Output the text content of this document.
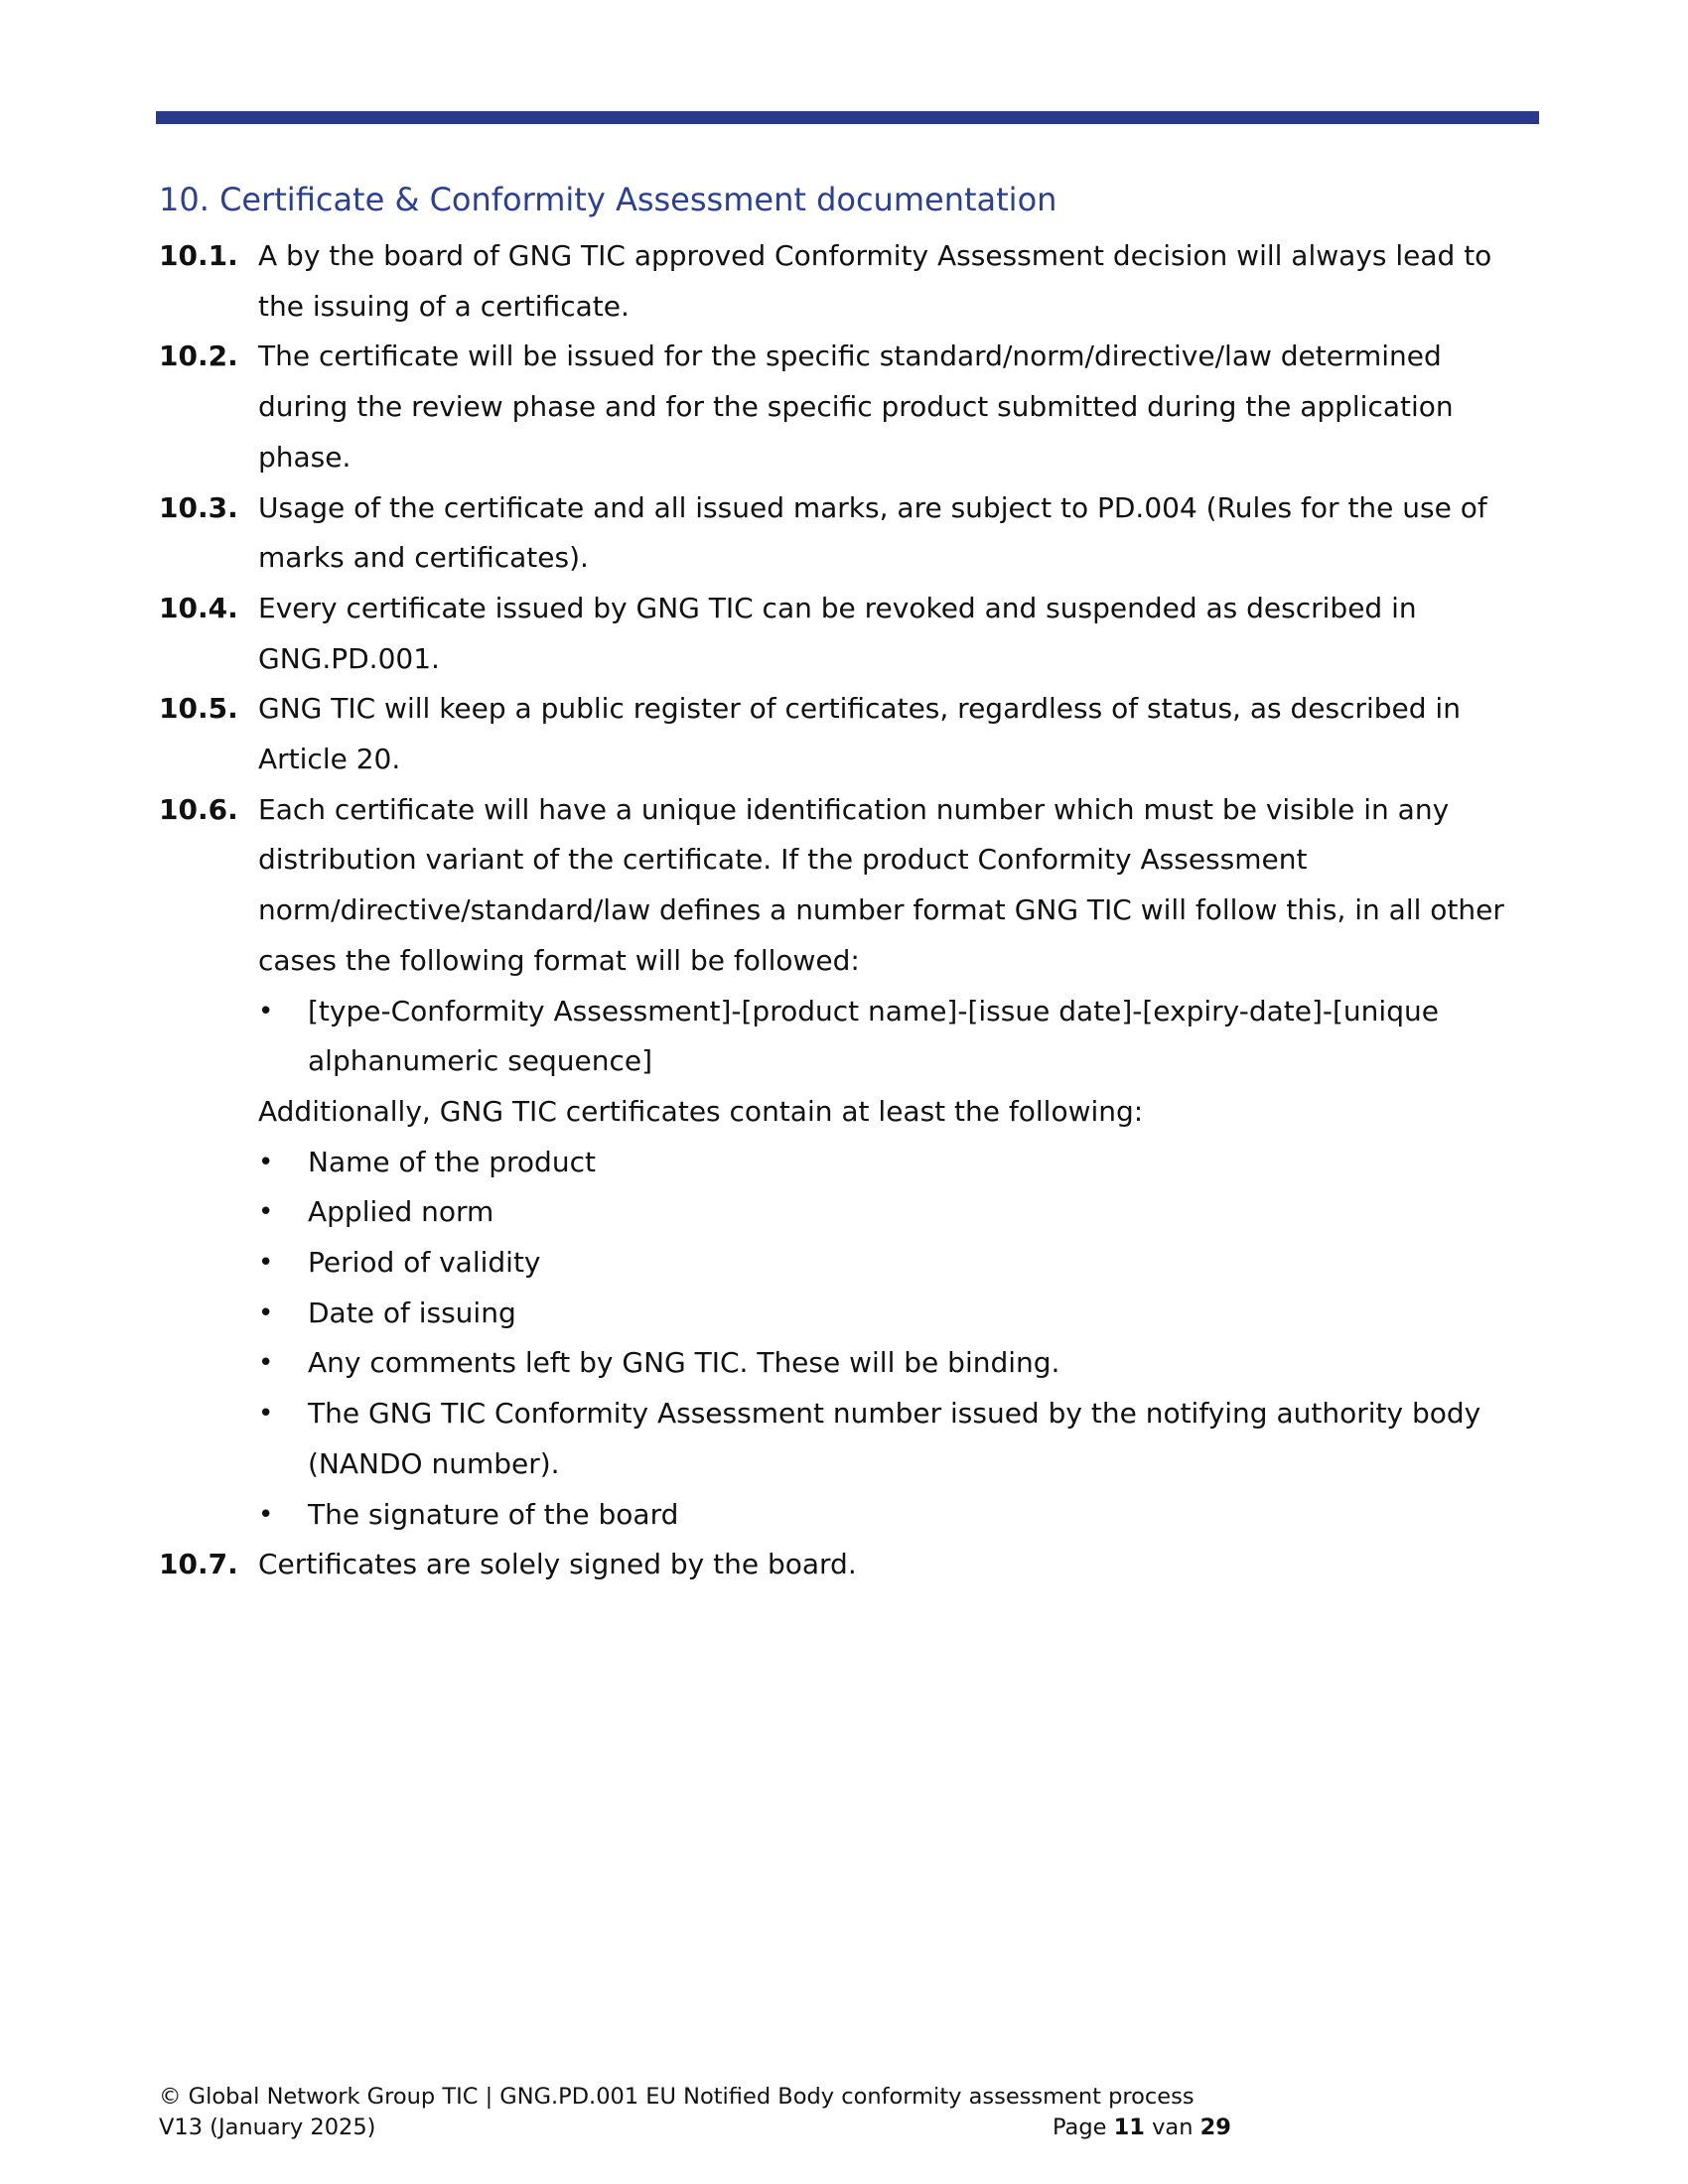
10. Certificate & Conformity Assessment documentation
10.1. A by the board of GNG TIC approved Conformity Assessment decision will always lead to the issuing of a certificate.
10.2. The certificate will be issued for the specific standard/norm/directive/law determined during the review phase and for the specific product submitted during the application phase.
10.3. Usage of the certificate and all issued marks, are subject to PD.004 (Rules for the use of marks and certificates).
10.4. Every certificate issued by GNG TIC can be revoked and suspended as described in GNG.PD.001.
10.5. GNG TIC will keep a public register of certificates, regardless of status, as described in Article 20.
10.6. Each certificate will have a unique identification number which must be visible in any distribution variant of the certificate. If the product Conformity Assessment norm/directive/standard/law defines a number format GNG TIC will follow this, in all other cases the following format will be followed:
•	[type-Conformity Assessment]-[product name]-[issue date]-[expiry-date]-[unique alphanumeric sequence]
Additionally, GNG TIC certificates contain at least the following:
•	Name of the product
•	Applied norm
•	Period of validity
•	Date of issuing
•	Any comments left by GNG TIC. These will be binding.
•	The GNG TIC Conformity Assessment number issued by the notifying authority body (NANDO number).
•	The signature of the board
10.7. Certificates are solely signed by the board.
© Global Network Group TIC | GNG.PD.001 EU Notified Body conformity assessment process
V13 (January 2025)	Page 11 van 29
